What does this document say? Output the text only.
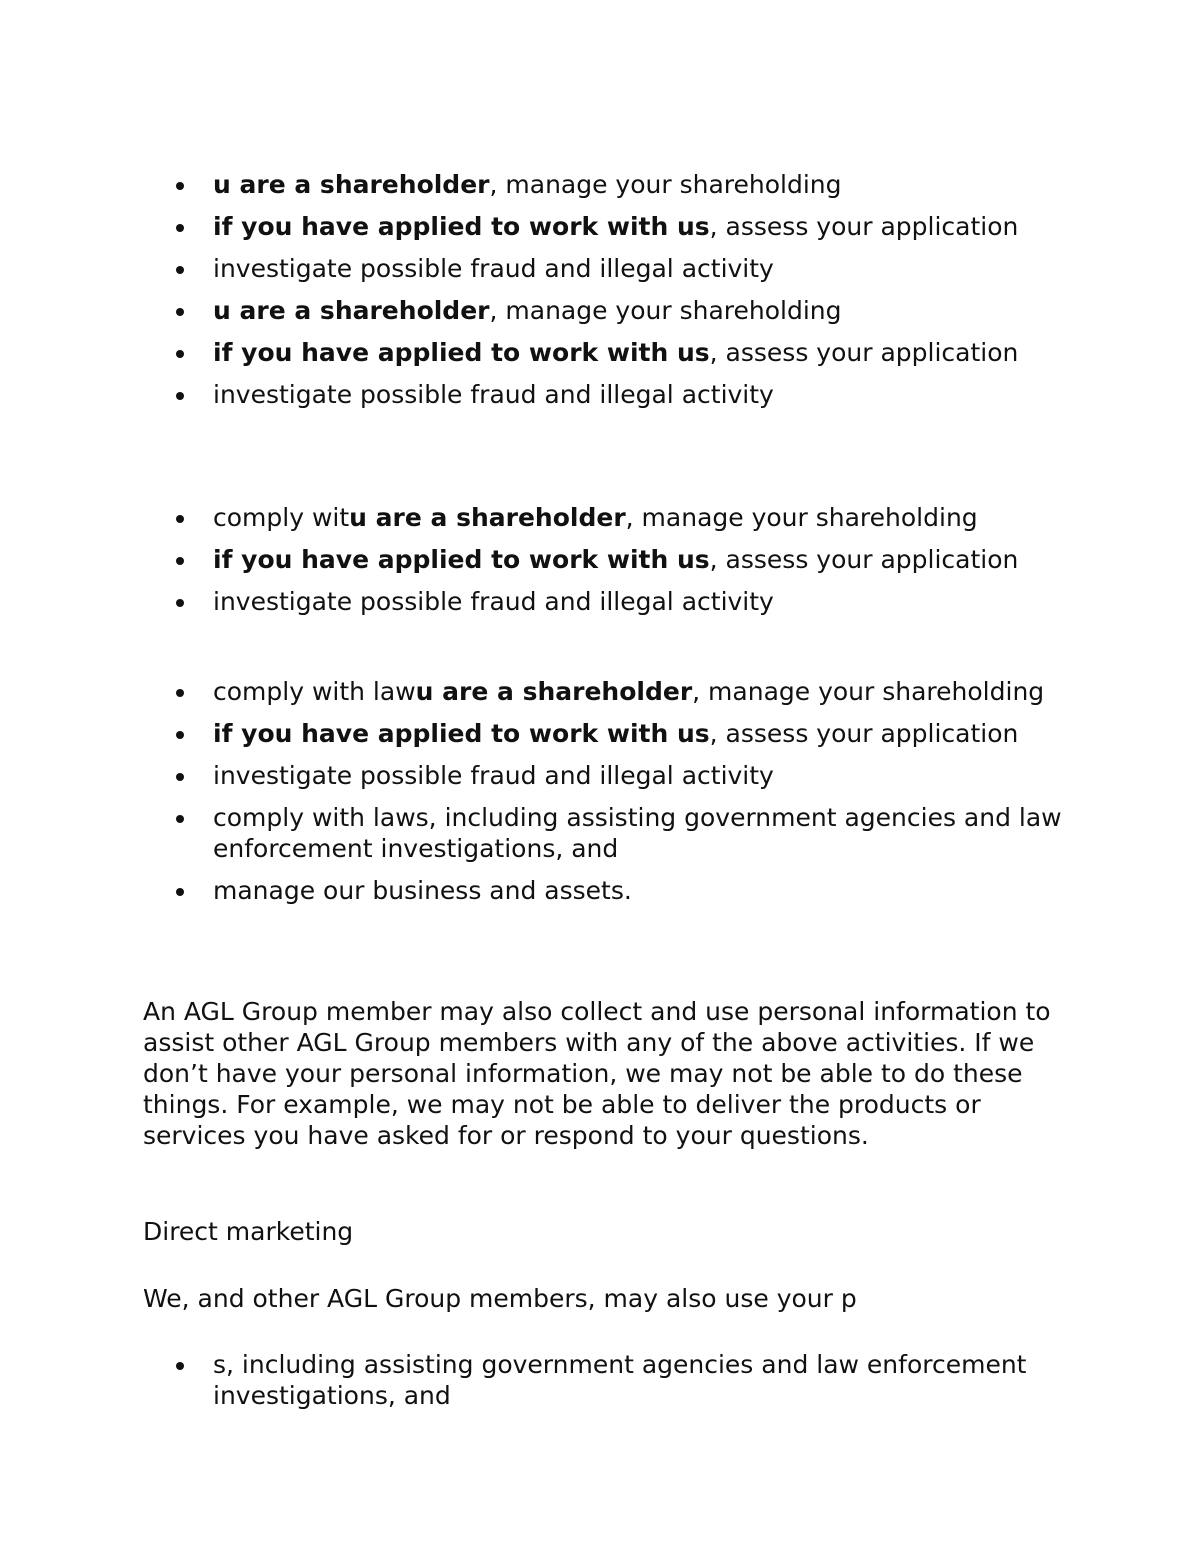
u are a shareholder, manage your shareholding
if you have applied to work with us, assess your application
investigate possible fraud and illegal activity
u are a shareholder, manage your shareholding
if you have applied to work with us, assess your application
investigate possible fraud and illegal activity
comply witu are a shareholder, manage your shareholding
if you have applied to work with us, assess your application
investigate possible fraud and illegal activity
comply with lawu are a shareholder, manage your shareholding
if you have applied to work with us, assess your application
investigate possible fraud and illegal activity
comply with laws, including assisting government agencies and law enforcement investigations, and
manage our business and assets.

An AGL Group member may also collect and use personal information to assist other AGL Group members with any of the above activities. If we don’t have your personal information, we may not be able to do these things. For example, we may not be able to deliver the products or services you have asked for or respond to your questions.

Direct marketing

We, and other AGL Group members, may also use your p

s, including assisting government agencies and law enforcement investigations, and
